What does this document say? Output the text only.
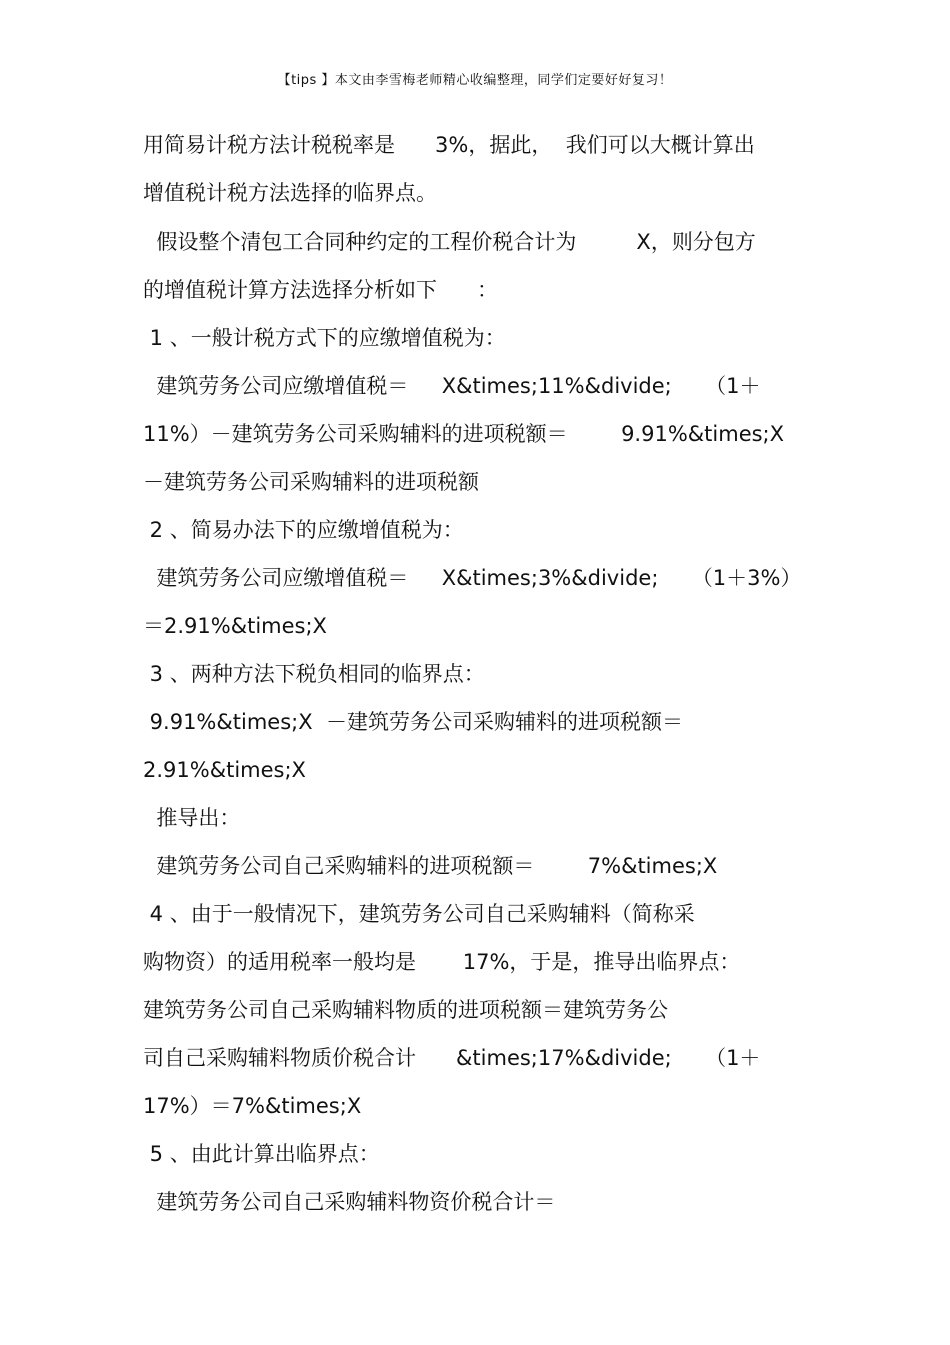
【tips 】本文由李雪梅老师精心收编整理，同学们定要好好复习！
用简易计税方法计税税率是      3%，据此，  我们可以大概计算出
增值税计税方法选择的临界点。
假设整个清包工合同种约定的工程价税合计为         X，则分包方
的增值税计算方法选择分析如下      ：
1 、一般计税方式下的应缴增值税为：
建筑劳务公司应缴增值税＝     X&times;11%&divide;     （1＋
11%）－建筑劳务公司采购辅料的进项税额＝        9.91%&times;X
－建筑劳务公司采购辅料的进项税额
2 、简易办法下的应缴增值税为：
建筑劳务公司应缴增值税＝     X&times;3%&divide;     （1＋3%）
＝2.91%&times;X
3 、两种方法下税负相同的临界点：
9.91%&times;X  －建筑劳务公司采购辅料的进项税额＝
2.91%&times;X
推导出：
建筑劳务公司自己采购辅料的进项税额＝        7%&times;X
4 、由于一般情况下，建筑劳务公司自己采购辅料（简称采
购物资）的适用税率一般均是       17%，于是，推导出临界点：
建筑劳务公司自己采购辅料物质的进项税额＝建筑劳务公
司自己采购辅料物质价税合计      &times;17%&divide;     （1＋
17%）＝7%&times;X
5 、由此计算出临界点：
建筑劳务公司自己采购辅料物资价税合计＝
